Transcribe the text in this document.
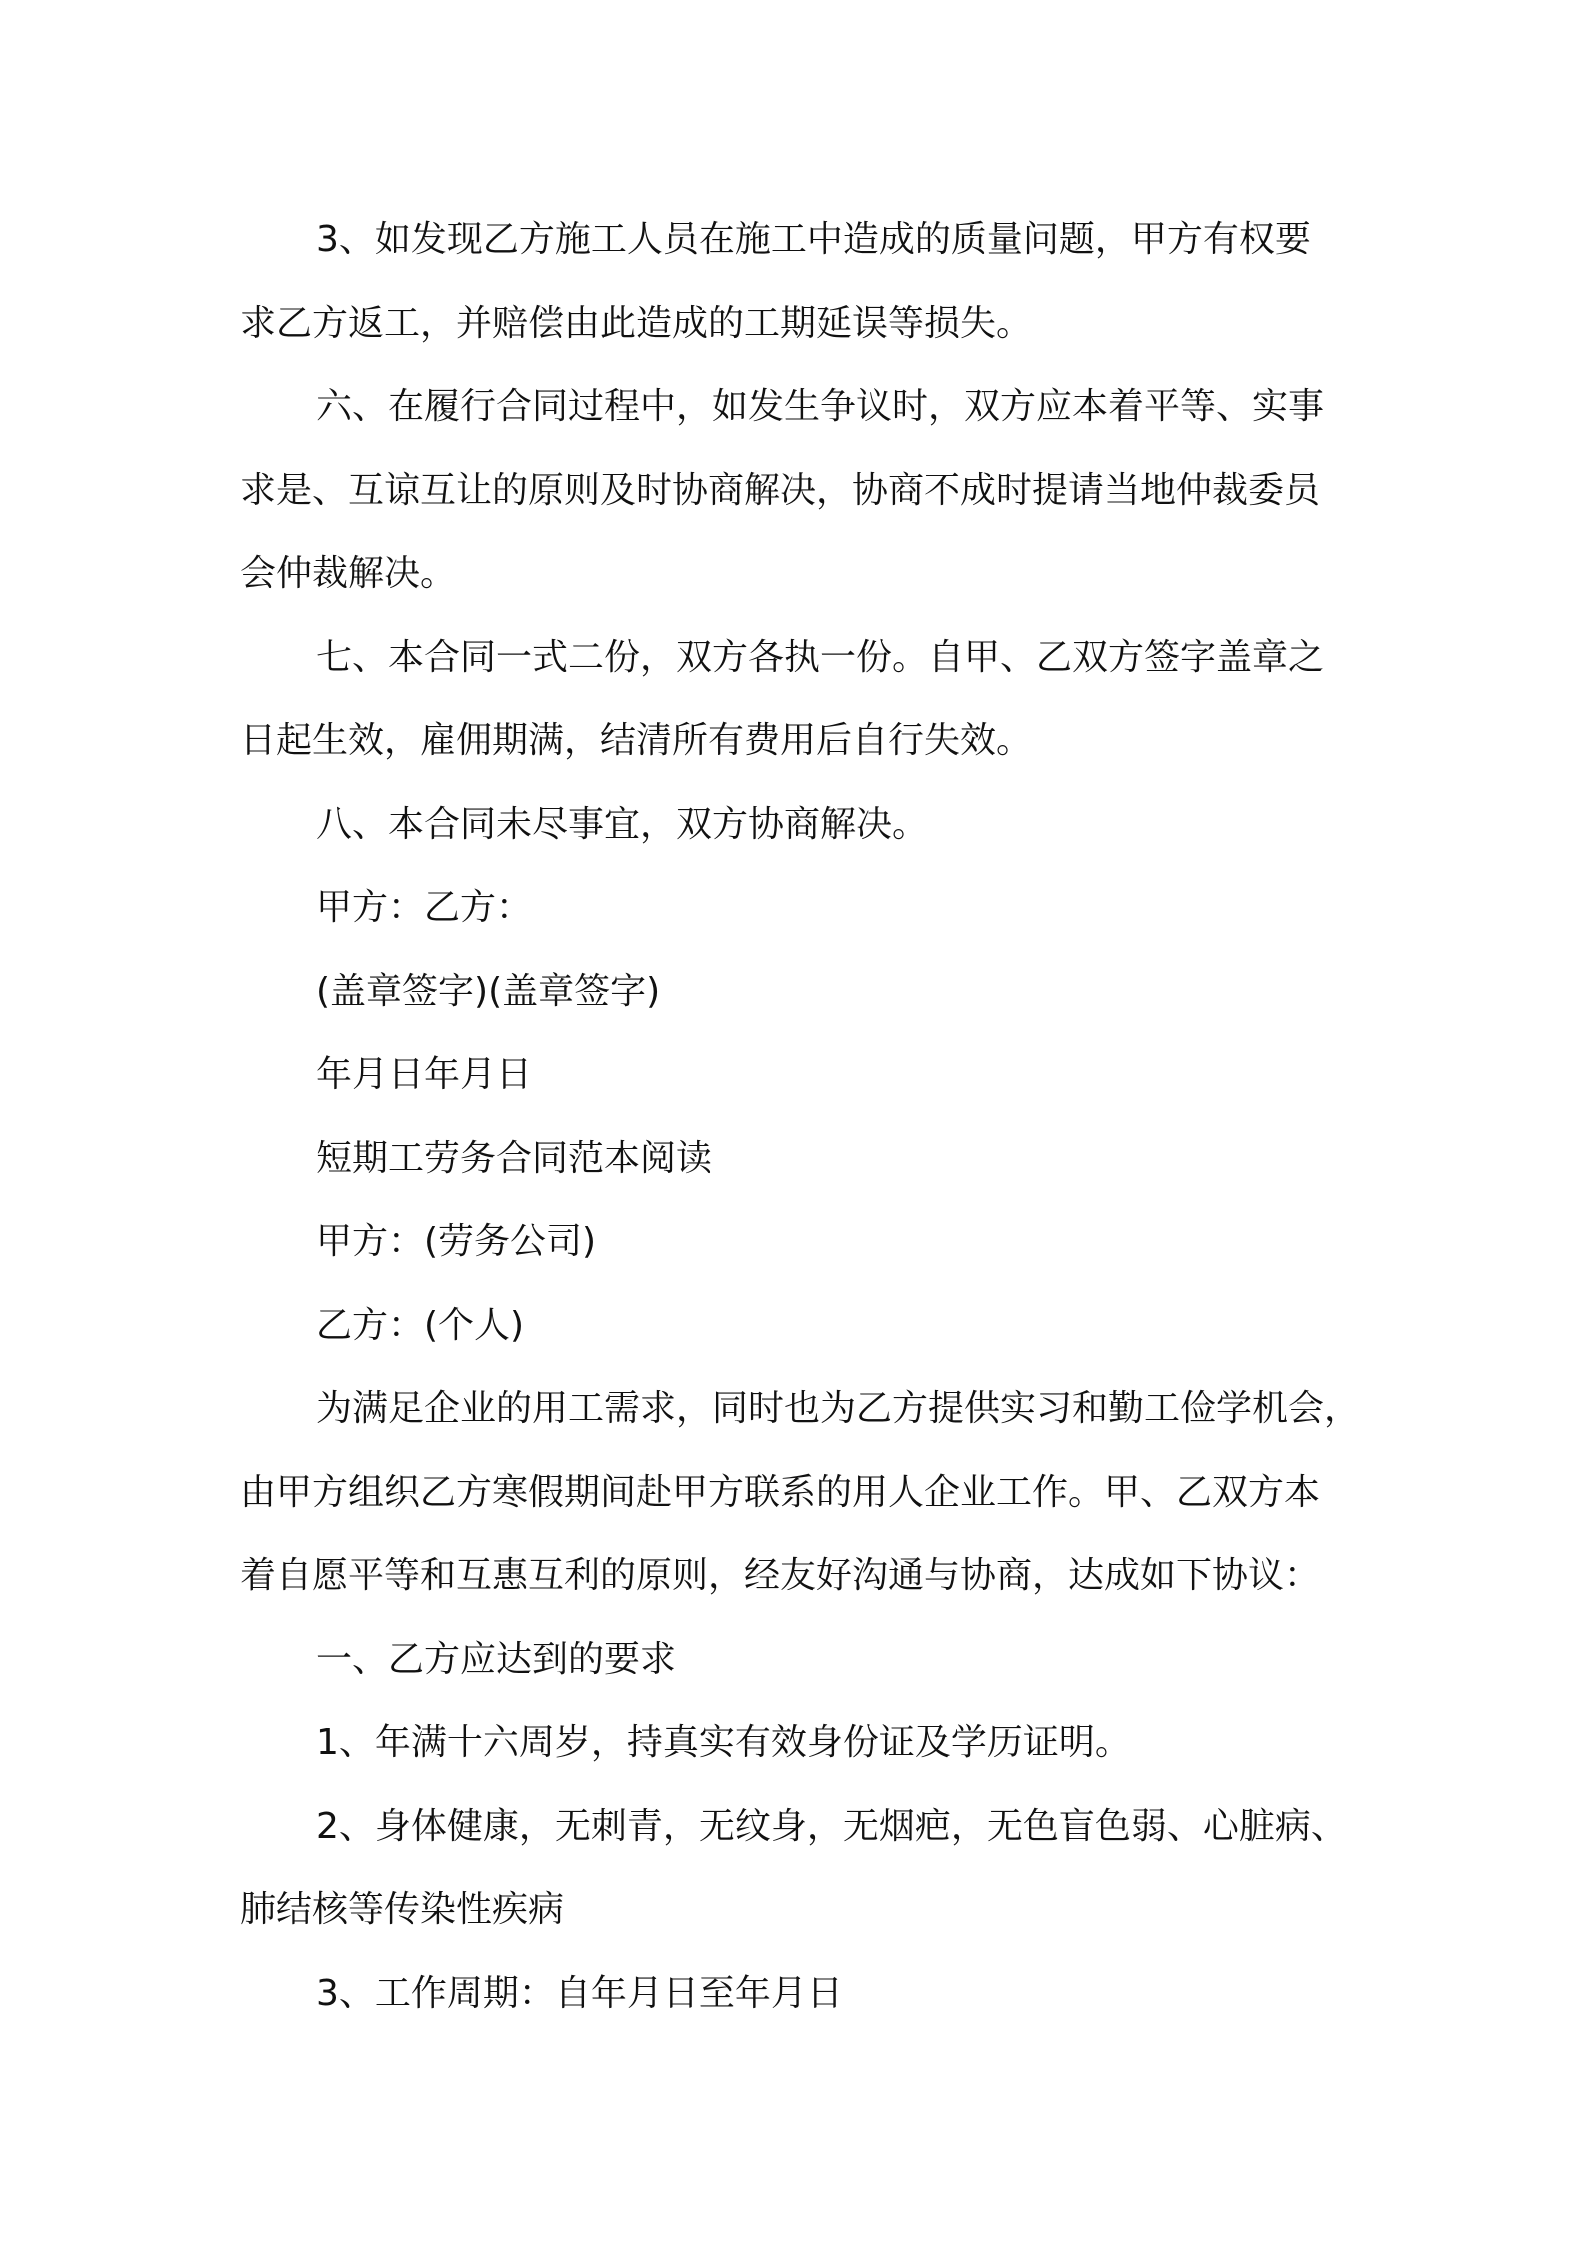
3、如发现乙方施工人员在施工中造成的质量问题，甲方有权要
求乙方返工，并赔偿由此造成的工期延误等损失。
六、在履行合同过程中，如发生争议时，双方应本着平等、实事
求是、互谅互让的原则及时协商解决，协商不成时提请当地仲裁委员
会仲裁解决。
七、本合同一式二份，双方各执一份。自甲、乙双方签字盖章之
日起生效，雇佣期满，结清所有费用后自行失效。
八、本合同未尽事宜，双方协商解决。
甲方：乙方：
(盖章签字)(盖章签字)
年月日年月日
短期工劳务合同范本阅读
甲方：(劳务公司)
乙方：(个人)
为满足企业的用工需求，同时也为乙方提供实习和勤工俭学机会，
由甲方组织乙方寒假期间赴甲方联系的用人企业工作。甲、乙双方本
着自愿平等和互惠互利的原则，经友好沟通与协商，达成如下协议：
一、乙方应达到的要求
1、年满十六周岁，持真实有效身份证及学历证明。
2、身体健康，无刺青，无纹身，无烟疤，无色盲色弱、心脏病、
肺结核等传染性疾病
3、工作周期：自年月日至年月日
